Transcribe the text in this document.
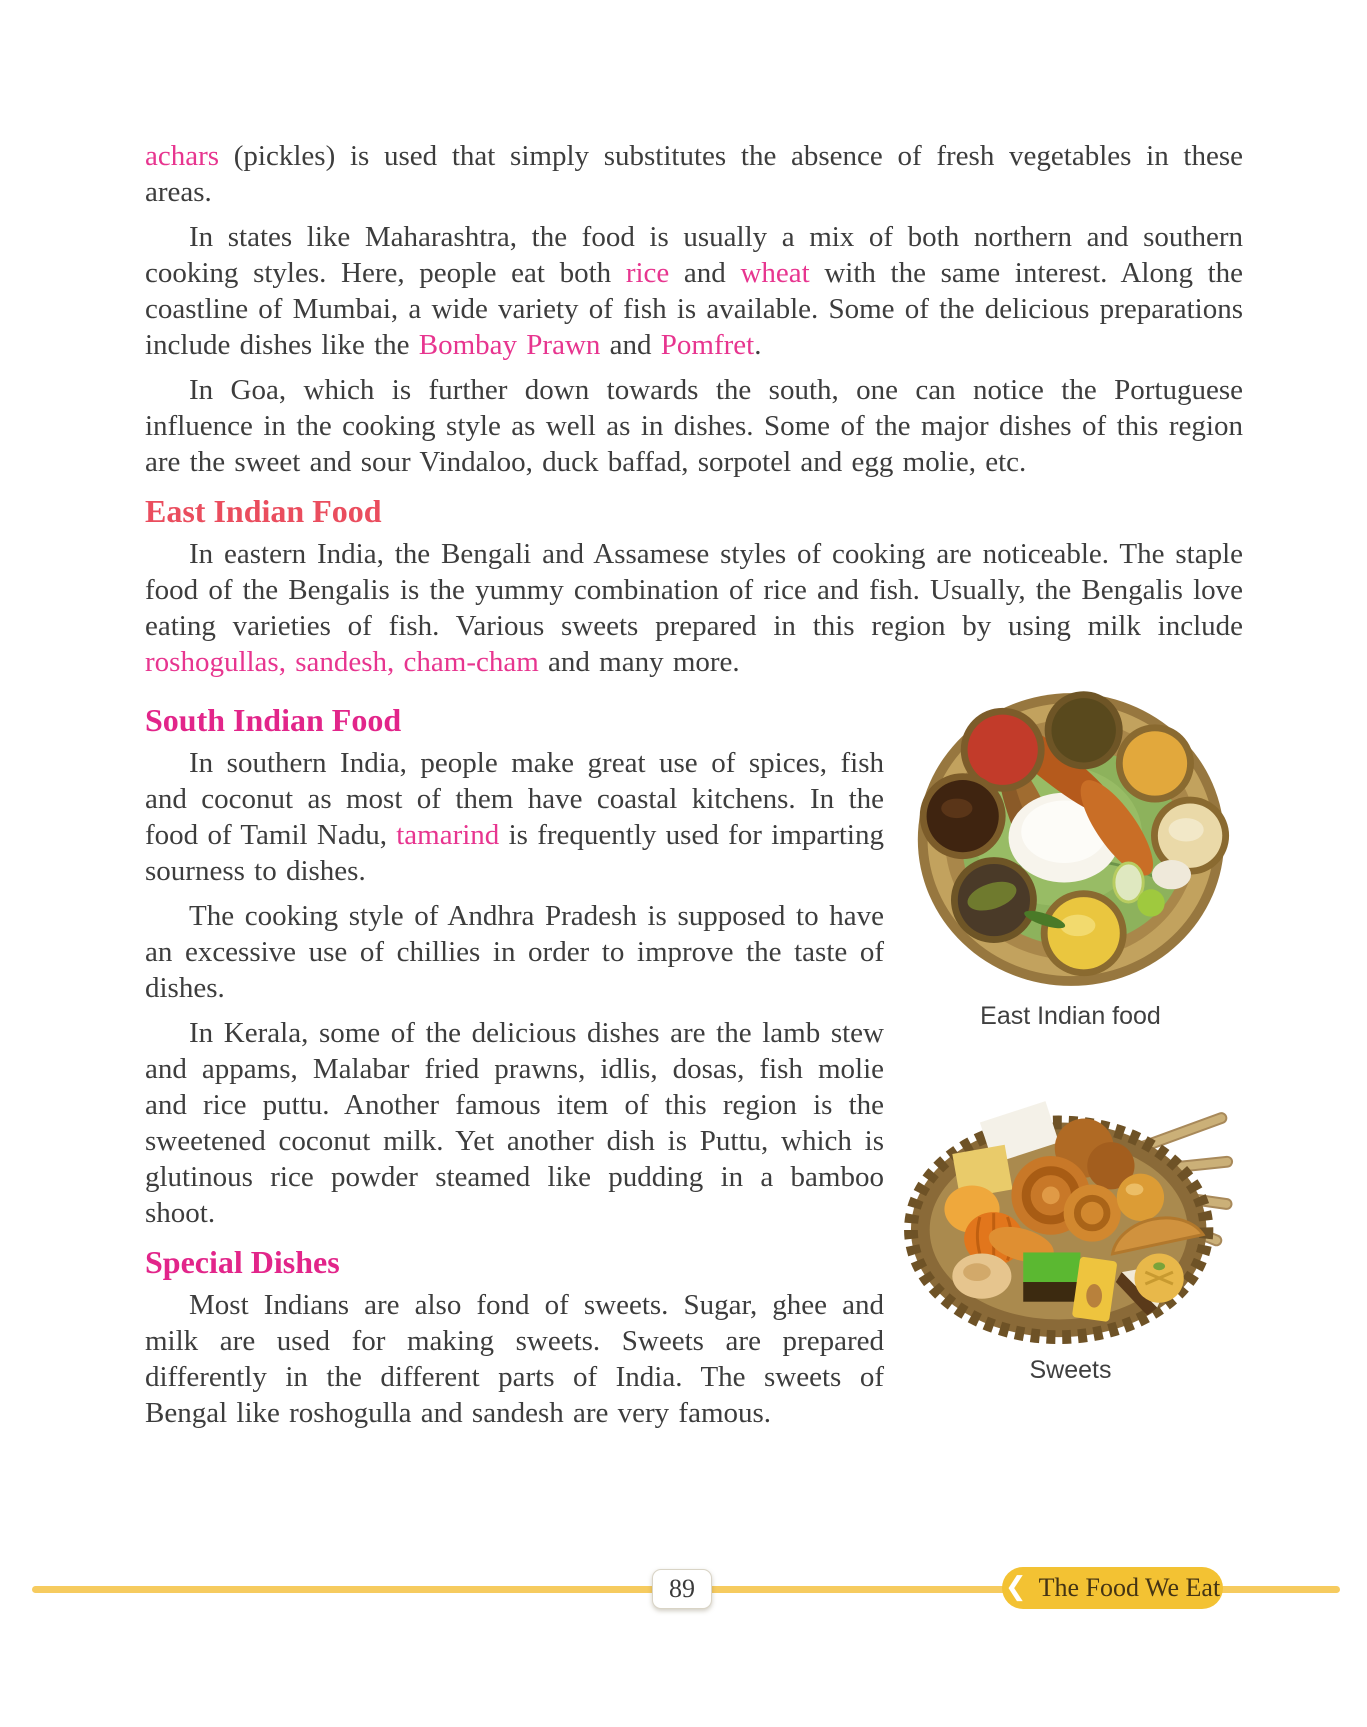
achars (pickles) is used that simply substitutes the absence of fresh vegetables in these areas.

In states like Maharashtra, the food is usually a mix of both northern and southern cooking styles. Here, people eat both rice and wheat with the same interest. Along the coastline of Mumbai, a wide variety of fish is available. Some of the delicious preparations include dishes like the Bombay Prawn and Pomfret.

In Goa, which is further down towards the south, one can notice the Portuguese influence in the cooking style as well as in dishes. Some of the major dishes of this region are the sweet and sour Vindaloo, duck baffad, sorpotel and egg molie, etc.

East Indian Food

In eastern India, the Bengali and Assamese styles of cooking are noticeable. The staple food of the Bengalis is the yummy combination of rice and fish. Usually, the Bengalis love eating varieties of fish. Various sweets prepared in this region by using milk include roshogullas, sandesh, cham-cham and many more.

South Indian Food

In southern India, people make great use of spices, fish and coconut as most of them have coastal kitchens. In the food of Tamil Nadu, tamarind is frequently used for imparting sourness to dishes.

The cooking style of Andhra Pradesh is supposed to have an excessive use of chillies in order to improve the taste of dishes.

In Kerala, some of the delicious dishes are the lamb stew and appams, Malabar fried prawns, idlis, dosas, fish molie and rice puttu. Another famous item of this region is the sweetened coconut milk. Yet another dish is Puttu, which is glutinous rice powder steamed like pudding in a bamboo shoot.

Special Dishes

Most Indians are also fond of sweets. Sugar, ghee and milk are used for making sweets. Sweets are prepared differently in the different parts of India. The sweets of Bengal like roshogulla and sandesh are very famous.

East Indian food
Sweets
89	❮ The Food We Eat
